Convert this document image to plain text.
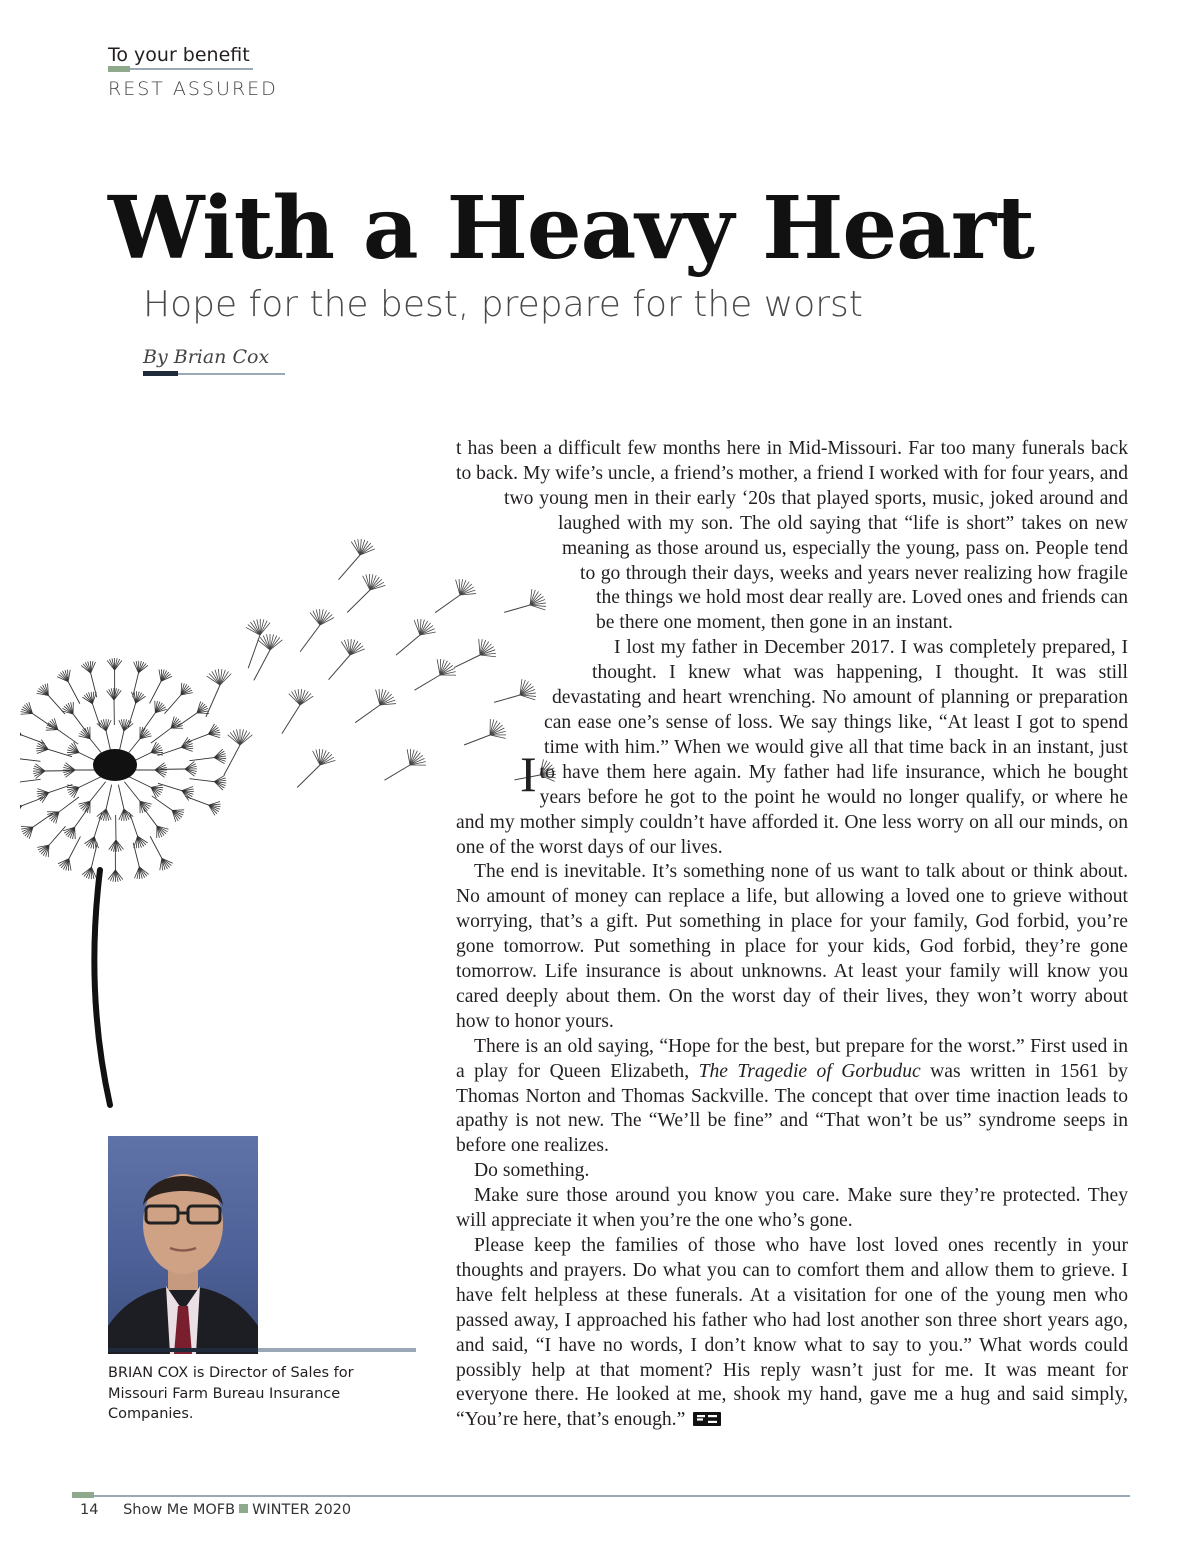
To your benefit
REST ASSURED
With a Heavy Heart
Hope for the best, prepare for the worst
By Brian Cox

I
t has been a difficult few months here in Mid-Missouri. Far too many funerals back to back. My wife’s uncle, a friend’s mother, a friend I worked with for four years, and two young men in their early ‘20s that played sports, music, joked around and laughed with my son. The old saying that “life is short” takes on new meaning as those around us, especially the young, pass on. People tend to go through their days, weeks and years never realizing how fragile the things we hold most dear really are. Loved ones and friends can be there one moment, then gone in an instant.

I lost my father in December 2017. I was completely prepared, I thought. I knew what was happening, I thought. It was still devastating and heart wrenching. No amount of planning or preparation can ease one’s sense of loss. We say things like, “At least I got to spend time with him.” When we would give all that time back in an instant, just to have them here again. My father had life insurance, which he bought years before he got to the point he would no longer qualify, or where he and my mother simply couldn’t have afforded it. One less worry on all our minds, on one of the worst days of our lives.

The end is inevitable. It’s something none of us want to talk about or think about. No amount of money can replace a life, but allowing a loved one to grieve without worrying, that’s a gift. Put something in place for your family, God forbid, you’re gone tomorrow. Put something in place for your kids, God forbid, they’re gone tomorrow. Life insurance is about unknowns. At least your family will know you cared deeply about them. On the worst day of their lives, they won’t worry about how to honor yours.

There is an old saying, “Hope for the best, but prepare for the worst.” First used in a play for Queen Elizabeth, The Tragedie of Gorbuduc was written in 1561 by Thomas Norton and Thomas Sackville. The concept that over time inaction leads to apathy is not new. The “We’ll be fine” and “That won’t be us” syndrome seeps in before one realizes.

Do something.

Make sure those around you know you care. Make sure they’re protected. They will appreciate it when you’re the one who’s gone.

Please keep the families of those who have lost loved ones recently in your thoughts and prayers. Do what you can to comfort them and allow them to grieve. I have felt helpless at these funerals. At a visitation for one of the young men who passed away, I approached his father who had lost another son three short years ago, and said, “I have no words, I don’t know what to say to you.” What words could possibly help at that moment? His reply wasn’t just for me. It was meant for everyone there. He looked at me, shook my hand, gave me a hug and said simply, “You’re here, that’s enough.”

BRIAN COX is Director of Sales for Missouri Farm Bureau Insurance Companies.
14 Show Me MOFB WINTER 2020
